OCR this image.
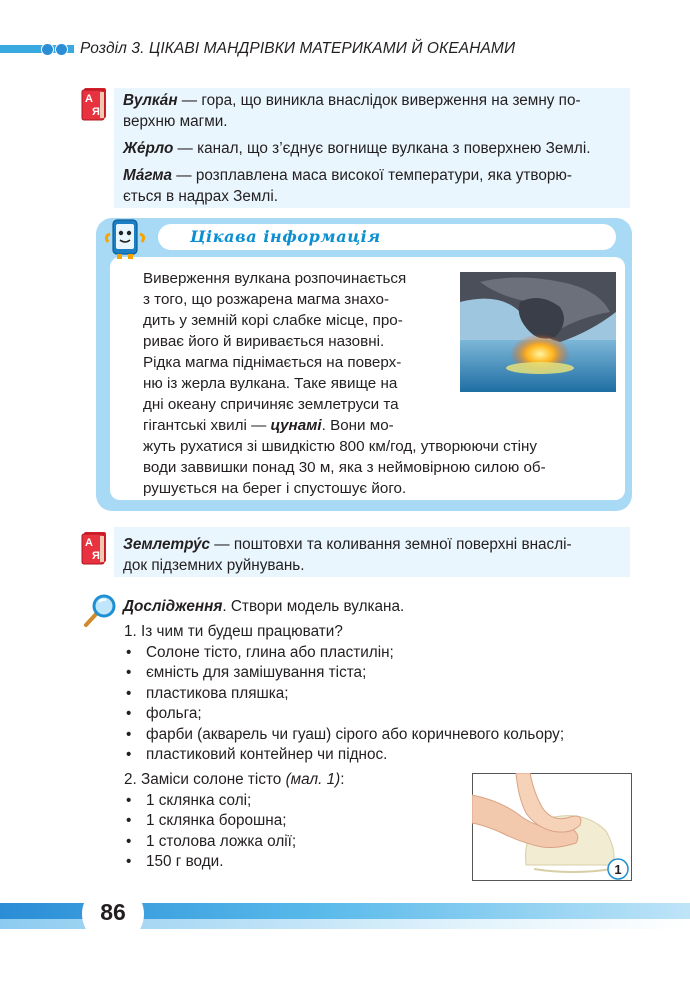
Розділ 3. ЦІКАВІ МАНДРІВКИ МАТЕРИКАМИ Й ОКЕАНАМИ
А
Я
Вулка́н — гора, що виникла внаслідок виверження на земну по-
верхню магми.
Же́рло — канал, що з’єднує вогнище вулкана з поверхнею Землі.
Ма́гма — розплавлена маса високої температури, яка утворю-
ється в надрах Землі.
Цікава інформація

Виверження вулкана розпочинається

з того, що розжарена магма знахо-

дить у земній корі слабке місце, про-

риває його й виривається назовні.

Рідка магма піднімається на поверх-

ню із жерла вулкана. Таке явище на

дні океану спричиняє землетруси та

гігантські хвилі — цунамі. Вони мо-

жуть рухатися зі швидкістю 800 км/год, утворюючи стіну

води заввишки понад 30 м, яка з неймовірною силою об-

рушується на берег і спустошує його.

А
Я
Землетру́с — поштовхи та коливання земної поверхні внаслі-
док підземних руйнувань.
Дослідження. Створи модель вулкана.
1. Із чим ти будеш працювати?
• Солоне тісто, глина або пластилін;
• ємність для замішування тіста;
• пластикова пляшка;
• фольга;
• фарби (акварель чи гуаш) сірого або коричневого кольору;
• пластиковий контейнер чи піднос.
2. Заміси солоне тісто (мал. 1):
• 1 склянка солі;
• 1 склянка борошна;
• 1 столова ложка олії;
• 150 г води.	1
86
